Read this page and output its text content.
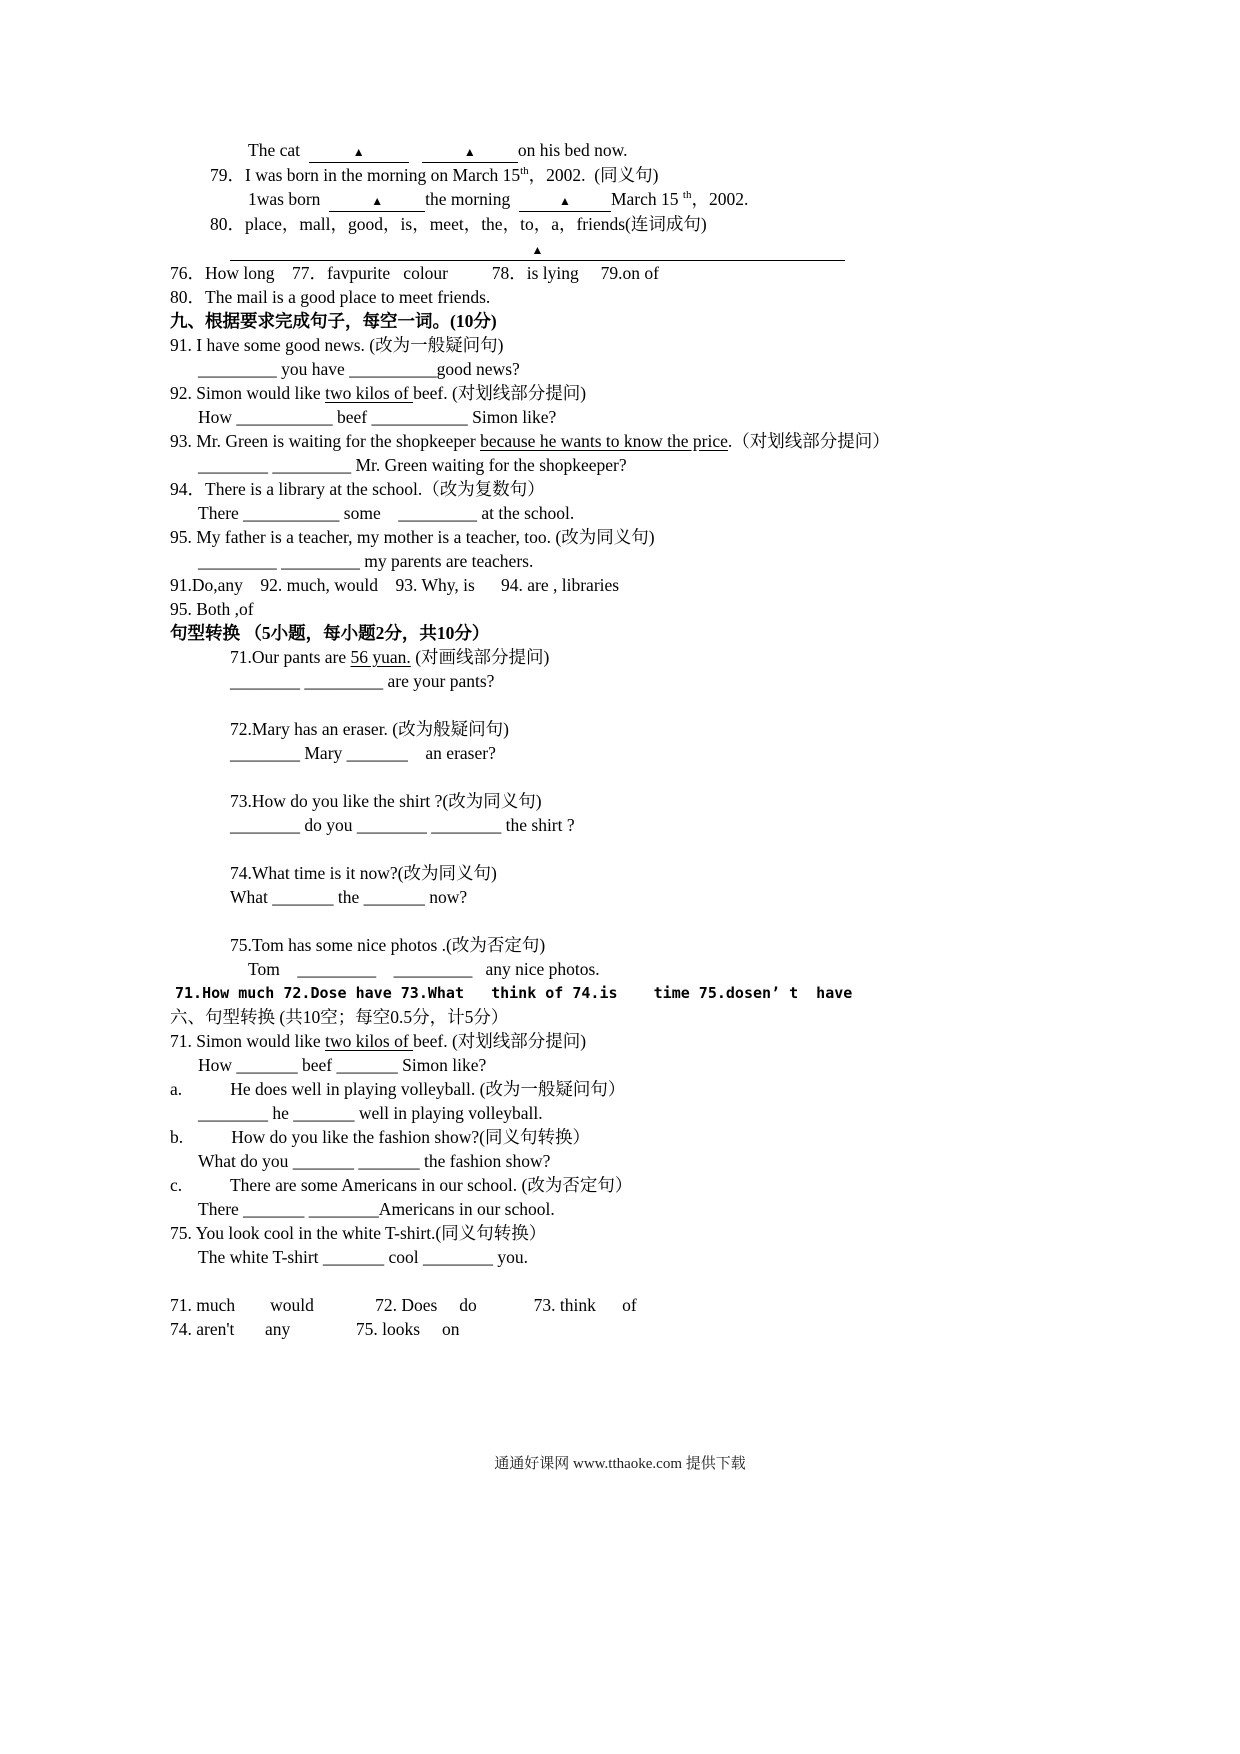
The cat	▲	▲ on his bed now.
79．I was born in the morning on March 15th，2002.  (同义句)
1was born	▲ the morning	▲ March 15 $^{th}$，2002.
80．place，mall，good，is，meet，the，to，a，friends(连词成句)
▲
76．How long    77．favpurite   colour          78．is lying     79.on of
80．The mail is a good place to meet friends.
九、根据要求完成句子，每空一词。(10分)
91. I have some good news. (改为一般疑问句)
_________ you have __________good news?
92. Simon would like two kilos of beef. (对划线部分提问)
How ___________ beef ___________ Simon like?
93. Mr. Green is waiting for the shopkeeper because he wants to know the price.（对划线部分提问）
________ _________ Mr. Green waiting for the shopkeeper?
94．There is a library at the school.（改为复数句）
There ___________ some    _________ at the school.
95. My father is a teacher, my mother is a teacher, too. (改为同义句)
_________ _________ my parents are teachers.
91.Do,any    92. much, would    93. Why, is      94. are , libraries
95. Both ,of
句型转换 （5小题，每小题2分，共10分）
71.Our pants are 56 yuan. (对画线部分提问)
________ _________ are your pants?

72.Mary has an eraser. (改为般疑问句)
________ Mary _______    an eraser?

73.How do you like the shirt ?(改为同义句)
________ do you ________ ________ the shirt ?

74.What time is it now?(改为同义句)
What _______ the _______ now?

75.Tom has some nice photos .(改为否定句)
Tom    _________    _________   any nice photos.
71.How much 72.Dose have 73.What   think of 74.is    time 75.dosen’ t  have
六、句型转换 (共10空；每空0.5分，计5分）
71. Simon would like two kilos of beef. (对划线部分提问)
How _______ beef _______ Simon like?
a.           He does well in playing volleyball. (改为一般疑问句）
________ he _______ well in playing volleyball.
b.           How do you like the fashion show?(同义句转换）
What do you _______ _______ the fashion show?
c.           There are some Americans in our school. (改为否定句）
There _______ ________Americans in our school.
75. You look cool in the white T-shirt.(同义句转换）
The white T-shirt _______ cool ________ you.

71. much        would              72. Does     do             73. think      of
74. aren't       any               75. looks     on
通通好课网 www.tthaoke.com 提供下载
